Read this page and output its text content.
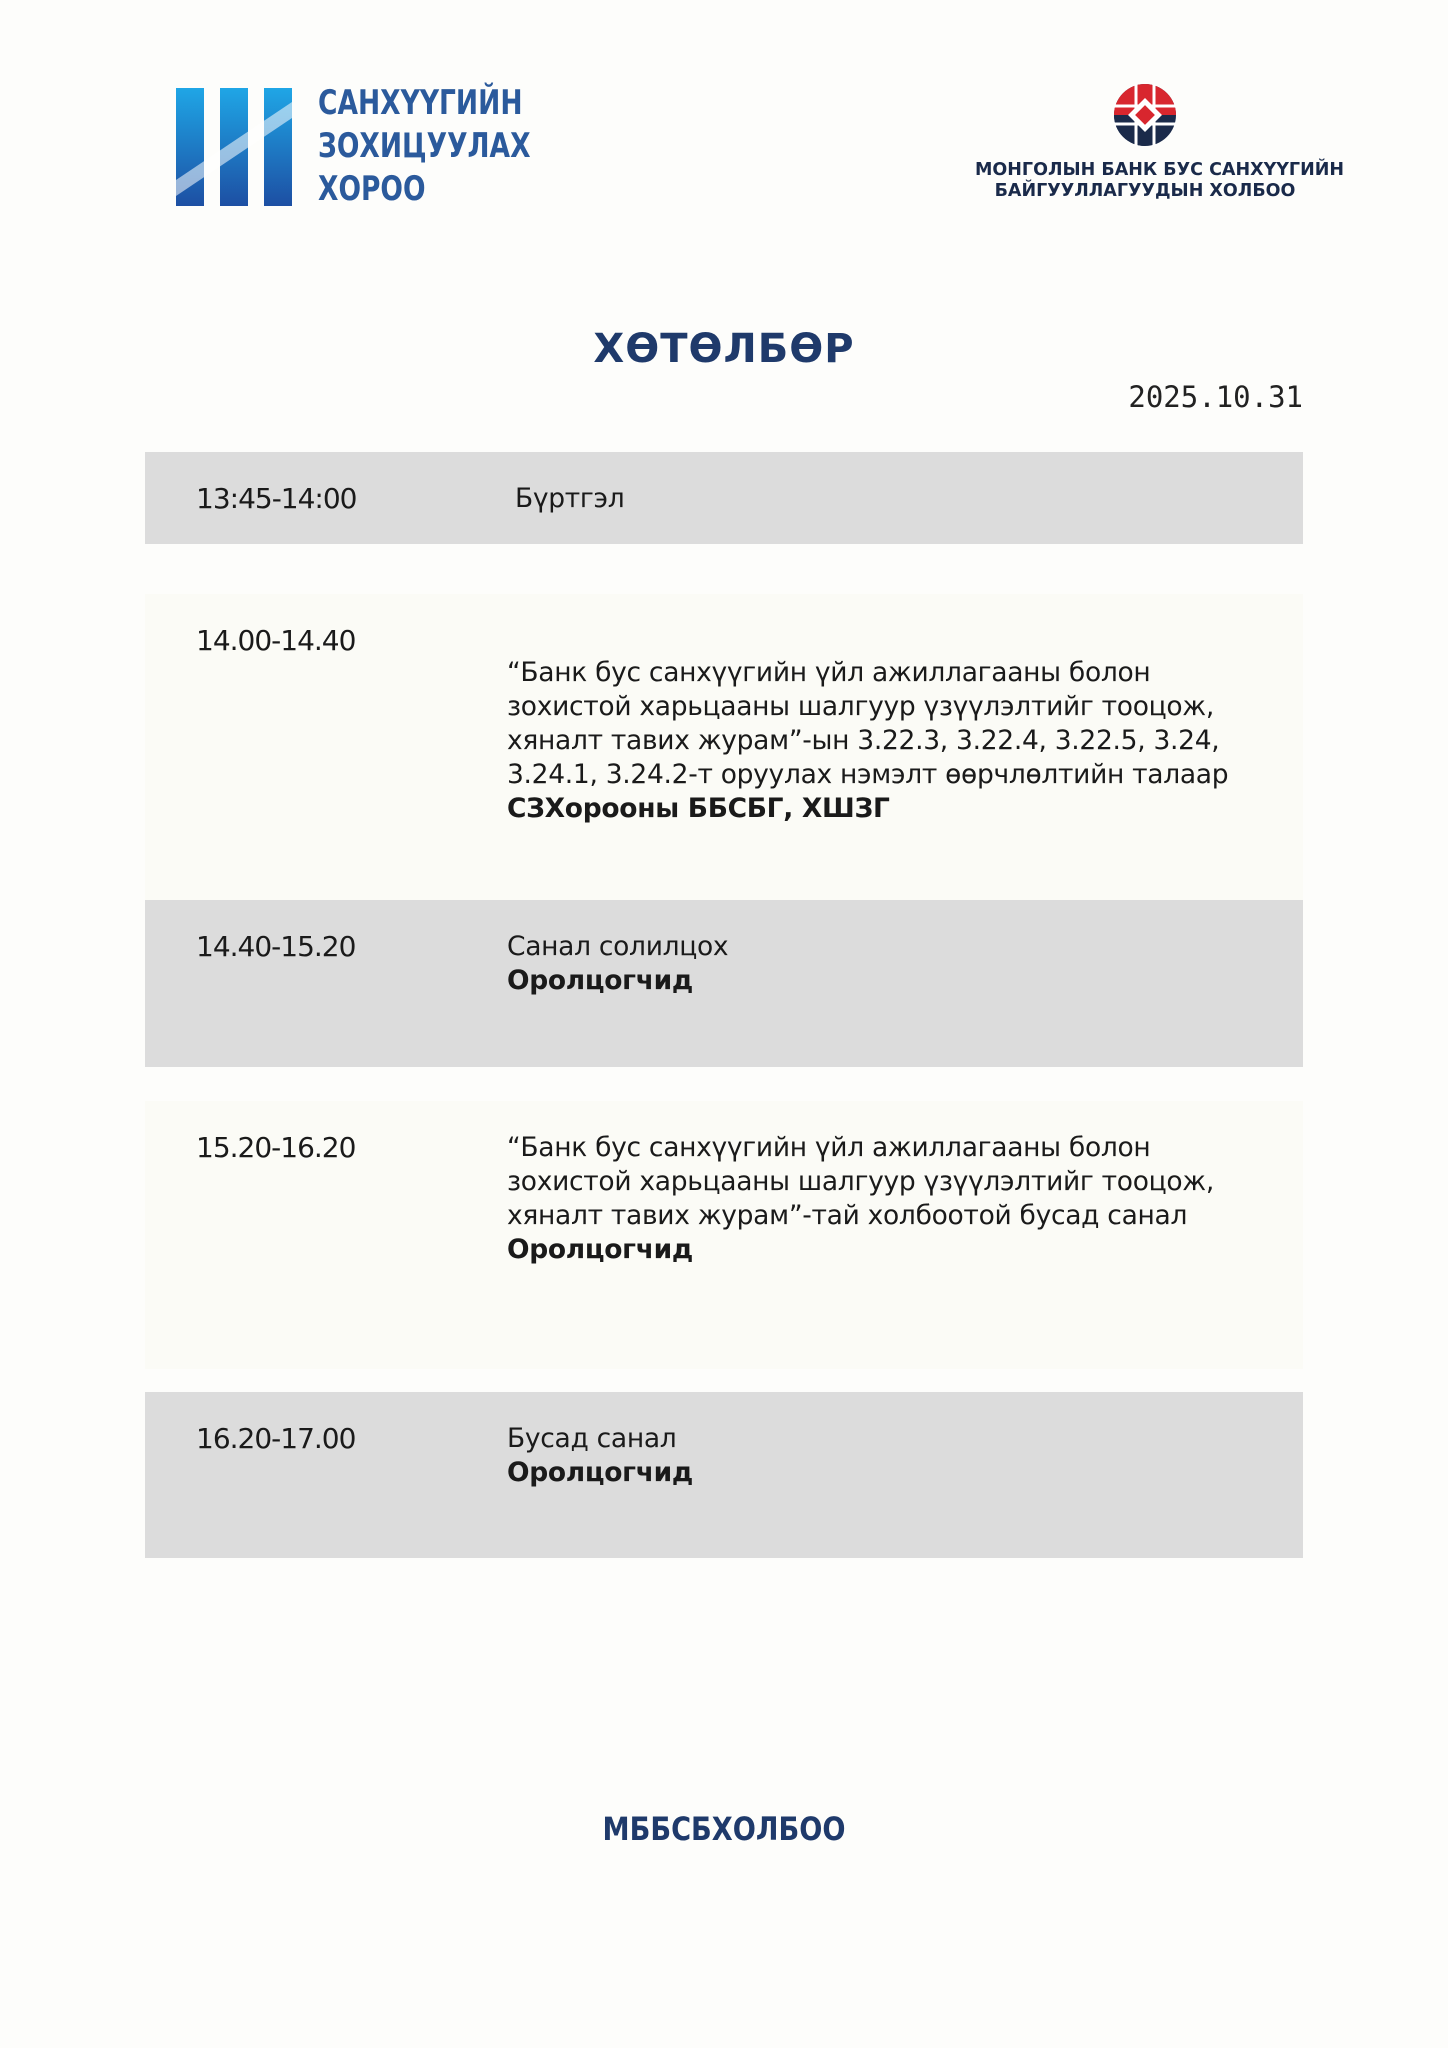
САНХҮҮГИЙН
ЗОХИЦУУЛАХ
ХОРОО	МОНГОЛЫН БАНК БУС САНХҮҮГИЙН
БАЙГУУЛЛАГУУДЫН ХОЛБОО
ХӨТӨЛБӨР
2025.10.31
13:45-14:00	Бүртгэл
14.00-14.40
“Банк бус санхүүгийн үйл ажиллагааны болон
зохистой харьцааны шалгуур үзүүлэлтийг тооцож,
хяналт тавих журам”-ын 3.22.3, 3.22.4, 3.22.5, 3.24,
3.24.1, 3.24.2-т оруулах нэмэлт өөрчлөлтийн талаар
СЗХорооны ББСБГ, ХШЗГ
14.40-15.20	Санал солилцох
Оролцогчид
15.20-16.20	“Банк бус санхүүгийн үйл ажиллагааны болон
зохистой харьцааны шалгуур үзүүлэлтийг тооцож,
хяналт тавих журам”-тай холбоотой бусад санал
Оролцогчид
16.20-17.00	Бусад санал
Оролцогчид
МББСБХОЛБОО
